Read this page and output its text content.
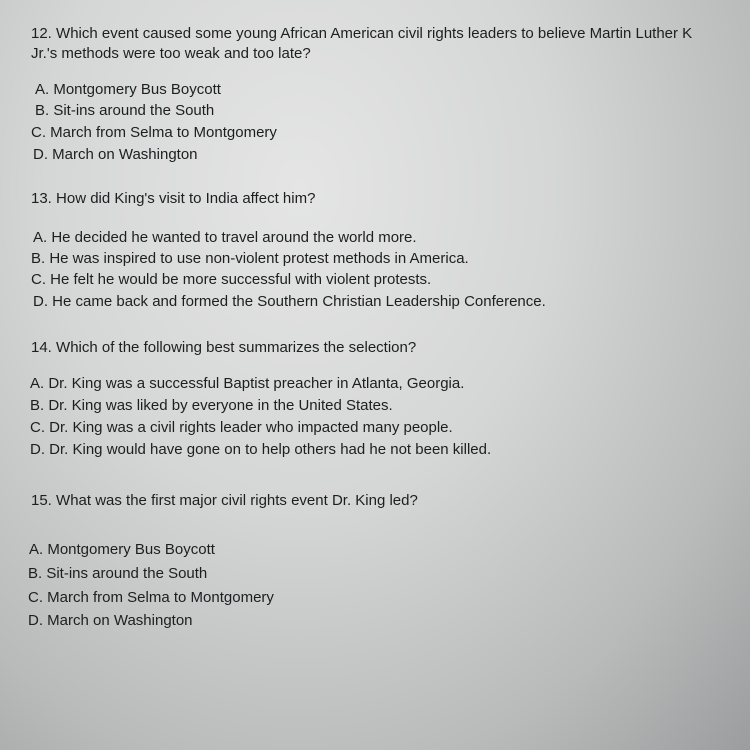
12. Which event caused some young African American civil rights leaders to believe Martin Luther K

Jr.'s methods were too weak and too late?

A. Montgomery Bus Boycott

B. Sit-ins around the South

C. March from Selma to Montgomery

D. March on Washington

13. How did King's visit to India affect him?

A. He decided he wanted to travel around the world more.

B. He was inspired to use non-violent protest methods in America.

C. He felt he would be more successful with violent protests.

D. He came back and formed the Southern Christian Leadership Conference.

14. Which of the following best summarizes the selection?

A. Dr. King was a successful Baptist preacher in Atlanta, Georgia.

B. Dr. King was liked by everyone in the United States.

C. Dr. King was a civil rights leader who impacted many people.

D. Dr. King would have gone on to help others had he not been killed.

15. What was the first major civil rights event Dr. King led?

A. Montgomery Bus Boycott

B. Sit-ins around the South

C. March from Selma to Montgomery

D. March on Washington
